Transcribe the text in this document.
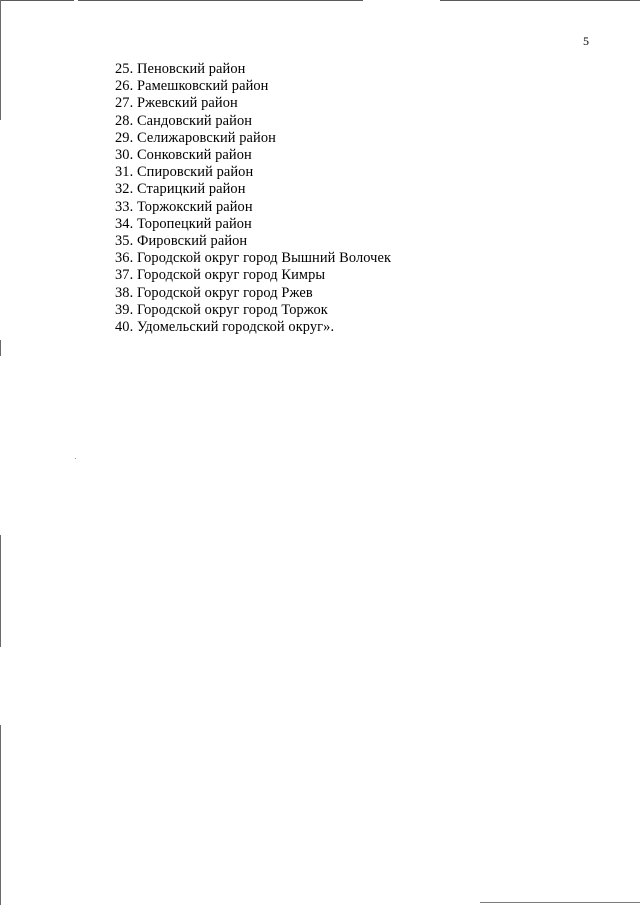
5
25. Пеновский район
26. Рамешковский район
27. Ржевский район
28. Сандовский район
29. Селижаровский район
30. Сонковский район
31. Спировский район
32. Старицкий район
33. Торжокский район
34. Торопецкий район
35. Фировский район
36. Городской округ город Вышний Волочек
37. Городской округ город Кимры
38. Городской округ город Ржев
39. Городской округ город Торжок
40. Удомельский городской округ».
